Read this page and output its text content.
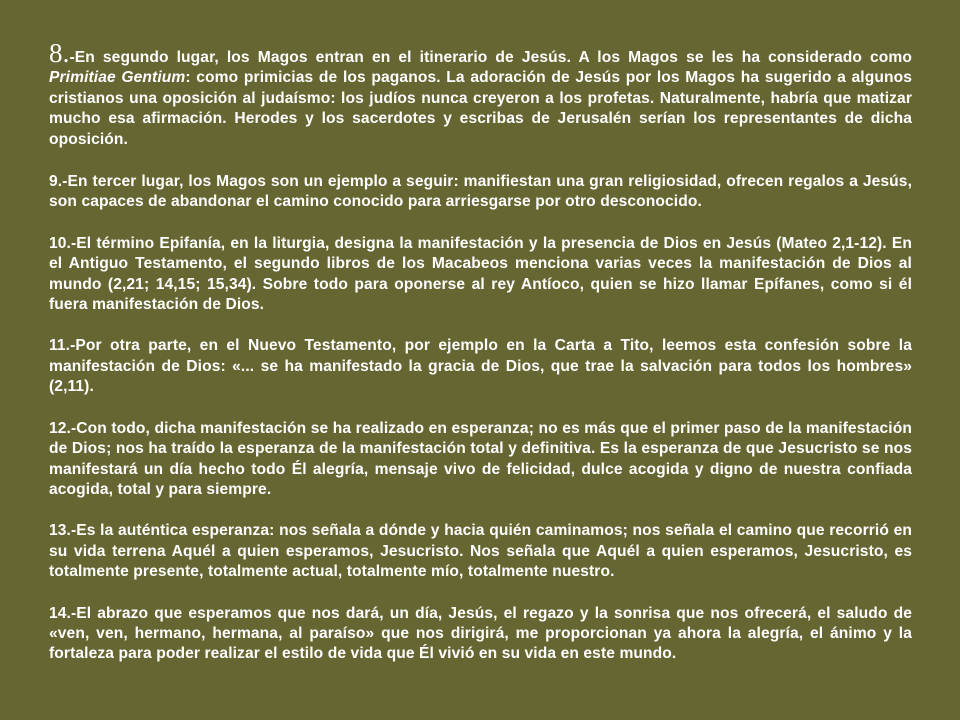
8.-En segundo lugar, los Magos entran en el itinerario de Jesús. A los Magos se les ha considerado como Primitiae Gentium: como primicias de los paganos. La adoración de Jesús por los Magos ha sugerido a algunos cristianos una oposición al judaísmo: los judíos nunca creyeron a los profetas. Naturalmente, habría que matizar mucho esa afirmación. Herodes y los sacerdotes y escribas de Jerusalén serían los representantes de dicha oposición.

9.-En tercer lugar, los Magos son un ejemplo a seguir: manifiestan una gran religiosidad, ofrecen regalos a Jesús, son capaces de abandonar el camino conocido para arriesgarse por otro desconocido.

10.-El término Epifanía, en la liturgia, designa la manifestación y la presencia de Dios en Jesús (Mateo 2,1-12). En el Antiguo Testamento, el segundo libros de los Macabeos menciona varias veces la manifestación de Dios al mundo (2,21; 14,15; 15,34). Sobre todo para oponerse al rey Antíoco, quien se hizo llamar Epífanes, como si él fuera manifestación de Dios.

11.-Por otra parte, en el Nuevo Testamento, por ejemplo en la Carta a Tito, leemos esta confesión sobre la manifestación de Dios: «... se ha manifestado la gracia de Dios, que trae la salvación para todos los hombres» (2,11).

12.-Con todo, dicha manifestación se ha realizado en esperanza; no es más que el primer paso de la manifestación de Dios; nos ha traído la esperanza de la manifestación total y definitiva. Es la esperanza de que Jesucristo se nos manifestará un día hecho todo Él alegría, mensaje vivo de felicidad, dulce acogida y digno de nuestra confiada acogida, total y para siempre.

13.-Es la auténtica esperanza: nos señala a dónde y hacia quién caminamos; nos señala el camino que recorrió en su vida terrena Aquél a quien esperamos, Jesucristo. Nos señala que Aquél a quien esperamos, Jesucristo, es totalmente presente, totalmente actual, totalmente mío, totalmente nuestro.

14.-El abrazo que esperamos que nos dará, un día, Jesús, el regazo y la sonrisa que nos ofrecerá, el saludo de «ven, ven, hermano, hermana, al paraíso» que nos dirigirá, me proporcionan ya ahora la alegría, el ánimo y la fortaleza para poder realizar el estilo de vida que Él vivió en su vida en este mundo.
